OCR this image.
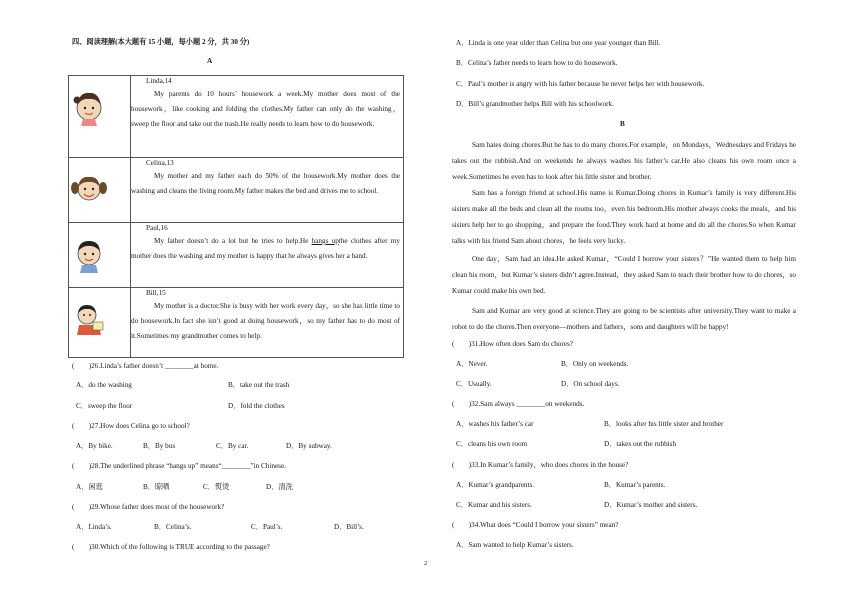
四、阅读理解(本大题有 15 小题，每小题 2 分，共 30 分)
A

Linda,14
My parents do 10 hours’ housework a week.My mother does most of the housework，like cooking and folding the clothes.My father can only do the washing，sweep the floor and take out the trash.He really needs to learn how to do housework.

Celina,13
My mother and my father each do 50% of the housework.My mother does the washing and cleans the living room.My father makes the bed and drives me to school.

Paul,16
My father doesn’t do a lot but he tries to help.He hangs upthe clothes after my mother does the washing and my mother is happy that he always gives her a hand.

Bill,15
My mother is a doctor.She is busy with her work every day，so she has little time to do housework.In fact she isn’t good at doing housework，so my father has to do most of it.Sometimes my grandmother comes to help.
(　　)26.Linda’s father doesn’t ________at home.
A．do the washing	B．take out the trash
C．sweep the floor	D．fold the clothes
(　　)27.How does Celina go to school?
A．By bike.	B．By bus	C．By car.	D．By subway.
(　　)28.The underlined phrase “hangs up” means“________”in Chinese.
A．闲逛	B．晾晒	C．熨烫	D．清洗
(　　)29.Whose father does most of the housework?
A．Linda’s.	B．Celina’s.	C．Paul’s.	D．Bill’s.
(　　)30.Which of the following is TRUE according to the passage?
A．Linda is one year older than Celina but one year younger than Bill.
B．Celina’s father needs to learn how to do housework.
C．Paul’s mother is angry with his father because he never helps her with housework.
D．Bill’s grandmother helps Bill with his schoolwork.
B
Sam hates doing chores.But he has to do many chores.For example，on Mondays，Wednesdays and Fridays he takes out the rubbish.And on weekends he always washes his father’s car.He also cleans his own room once a week.Sometimes he even has to look after his little sister and brother.
Sam has a foreign friend at school.His name is Kumar.Doing chores in Kumar’s family is very different.His sisters make all the beds and clean all the rooms too，even his bedroom.His mother always cooks the meals，and his sisters help her to go shopping，and prepare the food.They work hard at home and do all the chores.So when Kumar talks with his friend Sam about chores，he feels very lucky.
One day，Sam had an idea.He asked Kumar，“Could I borrow your sisters？”He wanted them to help him clean his room，but Kumar’s sisters didn’t agree.Instead，they asked Sam to teach their brother how to do chores，so Kumar could make his own bed.
Sam and Kumar are very good at science.They are going to be scientists after university.They want to make a robot to do the chores.Then everyone—mothers and fathers，sons and daughters will be happy!
(　　)31.How often does Sam do chores?
A．Never.	B．Only on weekends.
C．Usually.	D．On school days.
(　　)32.Sam always ________on weekends.
A．washes his father’s car	B．looks after his little sister and brother
C．cleans his own room	D．takes out the rubbish
(　　)33.In Kumar’s family，who does chores in the house?
A．Kumar’s grandparents.	B．Kumar’s parents.
C．Kumar and his sisters.	D．Kumar’s mother and sisters.
(　　)34.What does “Could I borrow your sisters” mean?
A．Sam wanted to help Kumar’s sisters.
2
